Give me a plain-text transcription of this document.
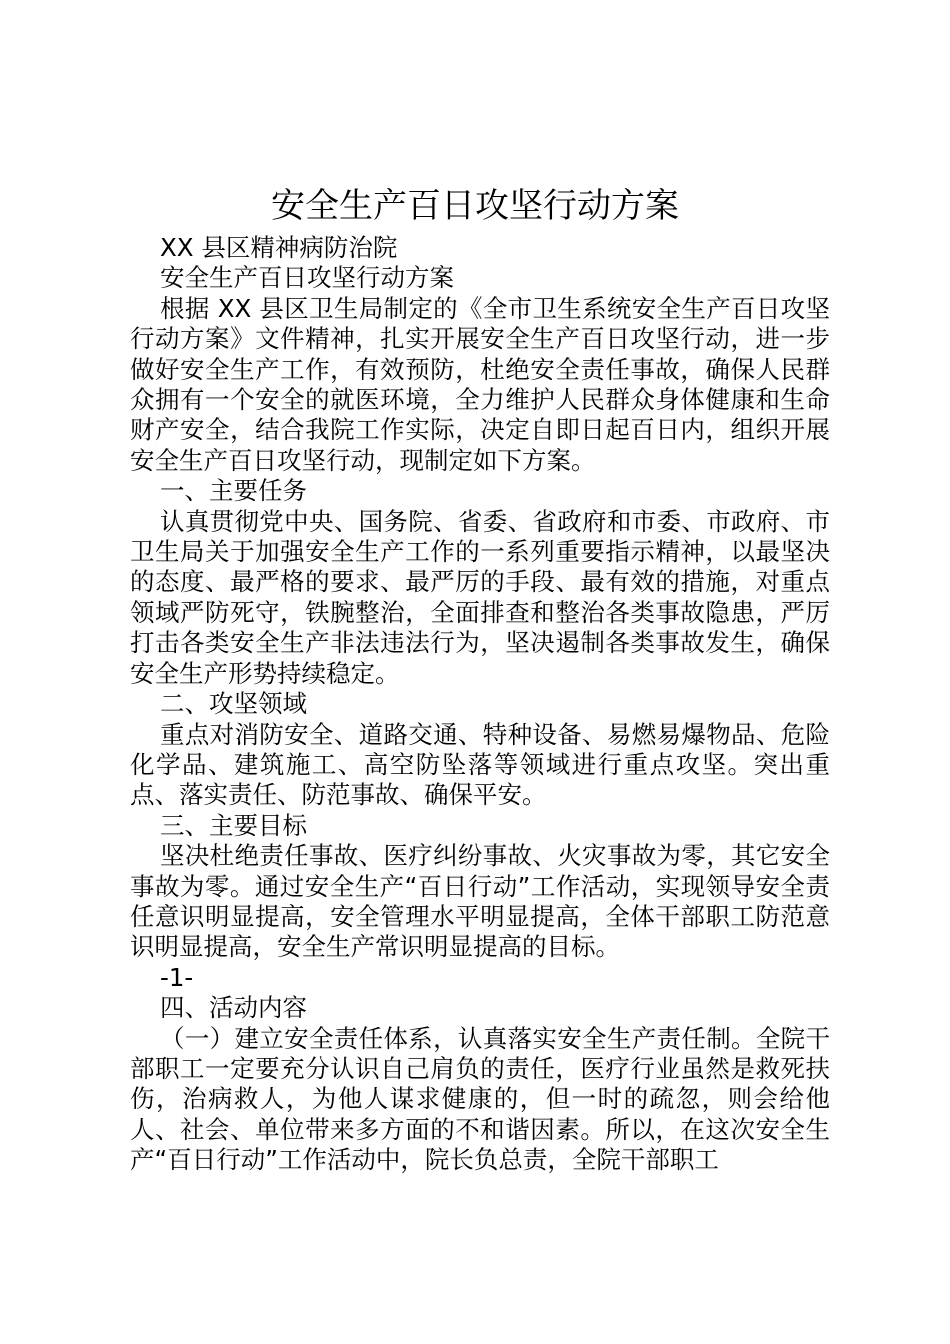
安全生产百日攻坚行动方案

XX 县区精神病防治院

安全生产百日攻坚行动方案

根据 XX 县区卫生局制定的《全市卫生系统安全生产百日攻坚行动方案》文件精神，扎实开展安全生产百日攻坚行动，进一步做好安全生产工作，有效预防，杜绝安全责任事故，确保人民群众拥有一个安全的就医环境，全力维护人民群众身体健康和生命财产安全，结合我院工作实际，决定自即日起百日内，组织开展安全生产百日攻坚行动，现制定如下方案。

一、主要任务

认真贯彻党中央、国务院、省委、省政府和市委、市政府、市卫生局关于加强安全生产工作的一系列重要指示精神，以最坚决的态度、最严格的要求、最严厉的手段、最有效的措施，对重点领域严防死守，铁腕整治，全面排查和整治各类事故隐患，严厉打击各类安全生产非法违法行为，坚决遏制各类事故发生，确保安全生产形势持续稳定。

二、攻坚领域

重点对消防安全、道路交通、特种设备、易燃易爆物品、危险化学品、建筑施工、高空防坠落等领域进行重点攻坚。突出重点、落实责任、防范事故、确保平安。

三、主要目标

坚决杜绝责任事故、医疗纠纷事故、火灾事故为零，其它安全事故为零。通过安全生产“百日行动”工作活动，实现领导安全责任意识明显提高，安全管理水平明显提高，全体干部职工防范意识明显提高，安全生产常识明显提高的目标。

-1-

四、活动内容

（一）建立安全责任体系，认真落实安全生产责任制。全院干部职工一定要充分认识自己肩负的责任，医疗行业虽然是救死扶伤，治病救人，为他人谋求健康的，但一时的疏忽，则会给他人、社会、单位带来多方面的不和谐因素。所以，在这次安全生产“百日行动”工作活动中，院长负总责，全院干部职工
